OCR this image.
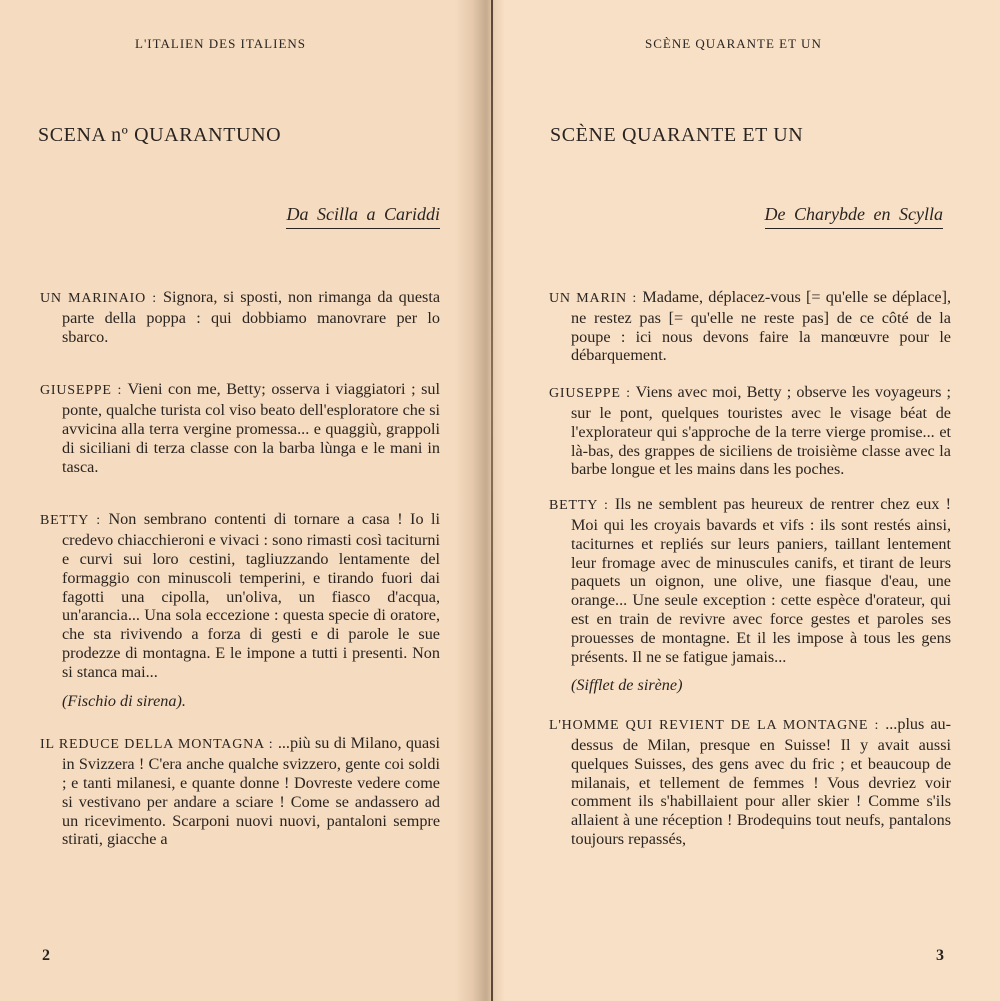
L'ITALIEN DES ITALIENS
SCENA nº QUARANTUNO
Da Scilla a Cariddi

UN MARINAIO : Signora, si sposti, non rimanga da questa parte della poppa : qui dobbiamo manovrare per lo sbarco.

GIUSEPPE : Vieni con me, Betty; osserva i viaggiatori ; sul ponte, qualche turista col viso beato dell'esploratore che si avvicina alla terra vergine promessa... e quaggiù, grappoli di siciliani di terza classe con la barba lùnga e le mani in tasca.

BETTY : Non sembrano contenti di tornare a casa ! Io li credevo chiacchieroni e vivaci : sono rimasti così taciturni e curvi sui loro cestini, tagliuzzando lentamente del formaggio con minuscoli temperini, e tirando fuori dai fagotti una cipolla, un'oliva, un fiasco d'acqua, un'arancia... Una sola eccezione : questa specie di oratore, che sta rivivendo a forza di gesti e di parole le sue prodezze di montagna. E le impone a tutti i presenti. Non si stanca mai...

(Fischio di sirena).

IL REDUCE DELLA MONTAGNA : ...più su di Milano, quasi in Svizzera ! C'era anche qualche svizzero, gente coi soldi ; e tanti milanesi, e quante donne ! Dovreste vedere come si vestivano per andare a sciare ! Come se andassero ad un ricevimento. Scarponi nuovi nuovi, pantaloni sempre stirati, giacche a

2
SCÈNE QUARANTE ET UN
SCÈNE QUARANTE ET UN
De Charybde en Scylla

UN MARIN : Madame, déplacez-vous [= qu'elle se déplace], ne restez pas [= qu'elle ne reste pas] de ce côté de la poupe : ici nous devons faire la manœuvre pour le débarquement.

GIUSEPPE : Viens avec moi, Betty ; observe les voyageurs ; sur le pont, quelques touristes avec le visage béat de l'explorateur qui s'approche de la terre vierge promise... et là-bas, des grappes de siciliens de troisième classe avec la barbe longue et les mains dans les poches.

BETTY : Ils ne semblent pas heureux de rentrer chez eux ! Moi qui les croyais bavards et vifs : ils sont restés ainsi, taciturnes et repliés sur leurs paniers, taillant lentement leur fromage avec de minuscules canifs, et tirant de leurs paquets un oignon, une olive, une fiasque d'eau, une orange... Une seule exception : cette espèce d'orateur, qui est en train de revivre avec force gestes et paroles ses prouesses de montagne. Et il les impose à tous les gens présents. Il ne se fatigue jamais...

(Sifflet de sirène)

L'HOMME QUI REVIENT DE LA MONTAGNE : ...plus au-dessus de Milan, presque en Suisse! Il y avait aussi quelques Suisses, des gens avec du fric ; et beaucoup de milanais, et tellement de femmes ! Vous devriez voir comment ils s'habillaient pour aller skier ! Comme s'ils allaient à une réception ! Brodequins tout neufs, pantalons toujours repassés,

3
